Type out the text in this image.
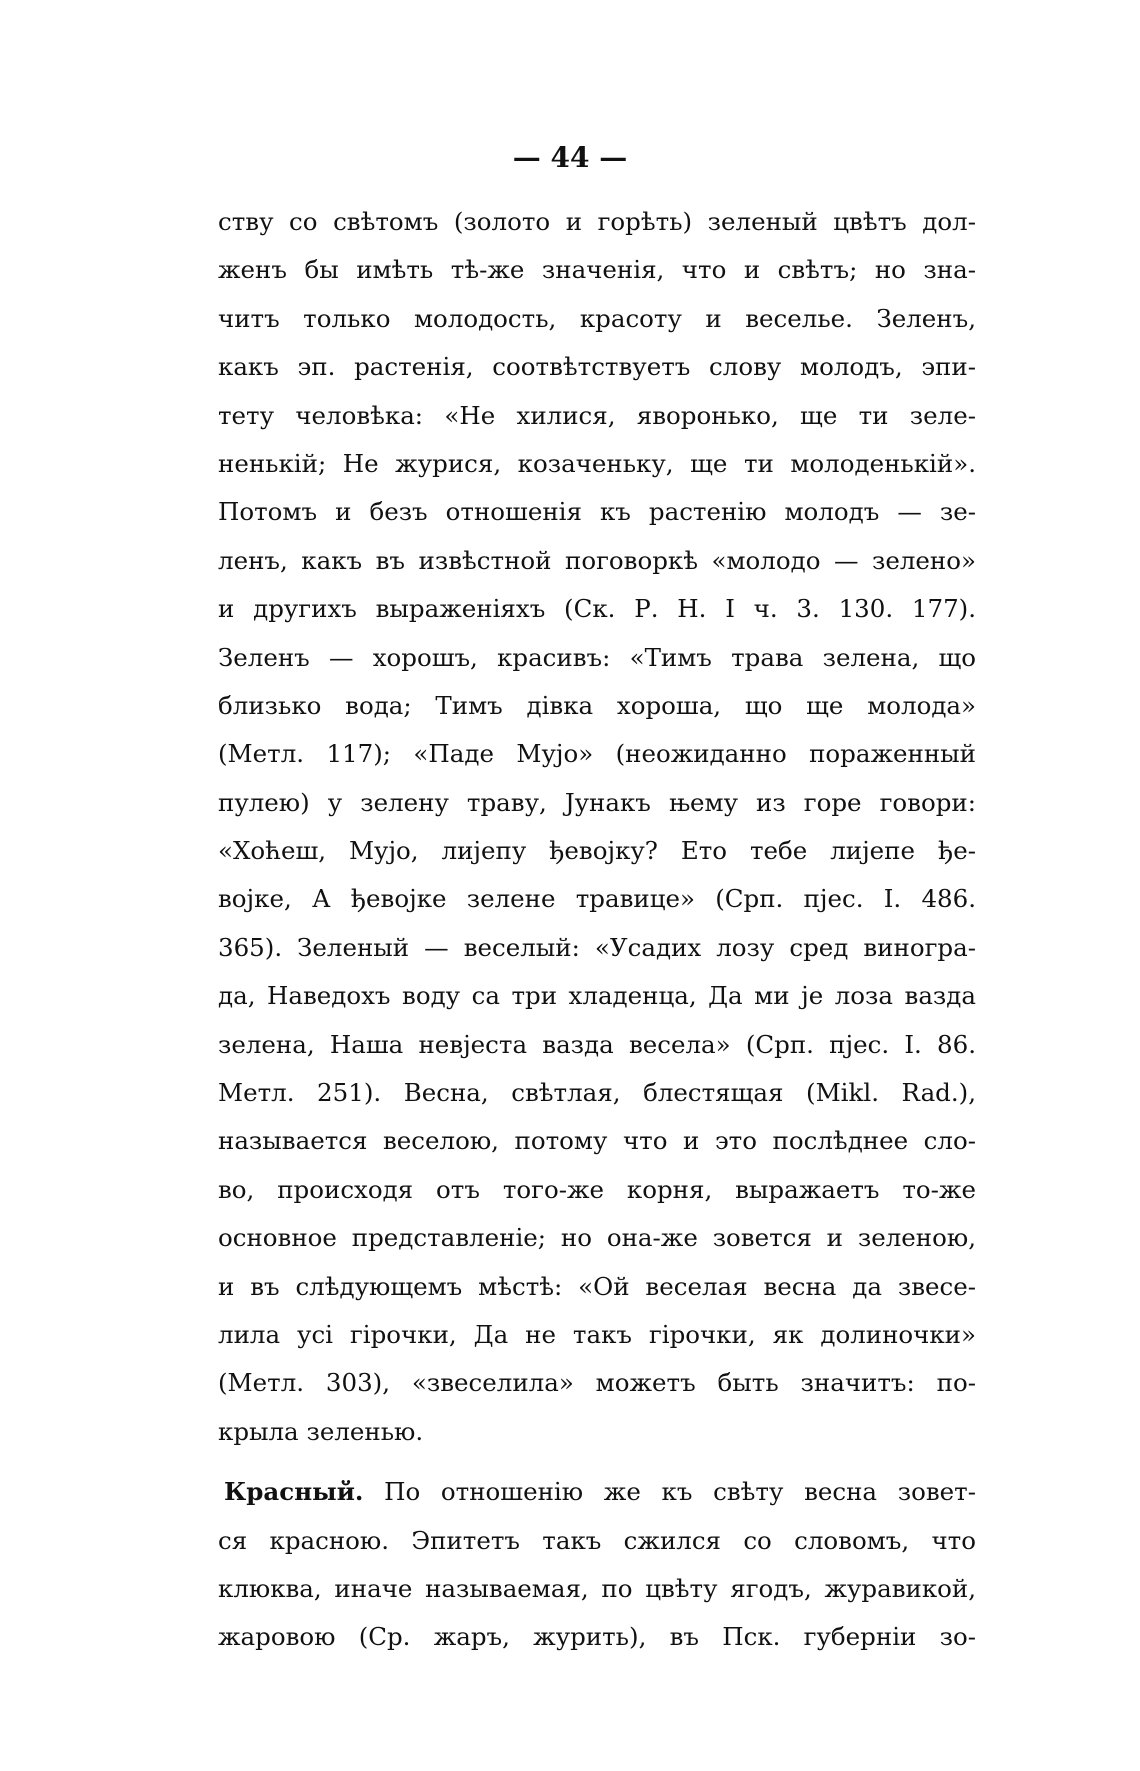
— 44 —
ству со свѣтомъ (золото и горѣть) зеленый цвѣтъ дол-
женъ бы имѣть тѣ-же значенія, что и свѣтъ; но зна-
читъ только молодость, красоту и веселье. Зеленъ,
какъ эп. растенія, соотвѣтствуетъ слову молодъ, эпи-
тету человѣка: «Не хилися, яворонько, ще ти зеле-
ненькій; Не журися, козаченьку, ще ти молоденькій».
Потомъ и безъ отношенія къ растенію молодъ — зе-
ленъ, какъ въ извѣстной поговоркѣ «молодо — зелено»
и другихъ выраженіяхъ (Ск. Р. Н. I ч. 3. 130. 177).
Зеленъ — хорошъ, красивъ: «Тимъ трава зелена, що
близько вода; Тимъ дiвка хороша, що ще молода»
(Метл. 117); «Паде Мујо» (неожиданно пораженный
пулею) у зелену траву, Јунакъ њему из горе говори:
«Хоћеш, Мујо, лијепу ђевојку? Ето тебе лијепе ђе-
војке, А ђевојке зелене травице» (Срп. пјес. I. 486.
365). Зеленый — веселый: «Усадих лозу сред виногра-
да, Наведохъ воду са три хладенца, Да ми је лоза вазда
зелена, Наша невјеста вазда весела» (Срп. пјес. I. 86.
Метл. 251). Весна, свѣтлая, блестящая (Mikl. Rad.),
называется веселою, потому что и это послѣднее сло-
во, происходя отъ того-же корня, выражаетъ то-же
основное представленіе; но она-же зовется и зеленою,
и въ слѣдующемъ мѣстѣ: «Ой веселая весна да звесе-
лила усi гiрочки, Да не такъ гiрочки, як долиночки»
(Метл. 303), «звеселила» можетъ быть значитъ: по-
крыла зеленью.
Красный. По отношенію же къ свѣту весна зовет-
ся красною. Эпитетъ такъ сжился со словомъ, что
клюква, иначе называемая, по цвѣту ягодъ, журавикой,
жаровою (Ср. жаръ, журить), въ Пск. губерніи зо-
